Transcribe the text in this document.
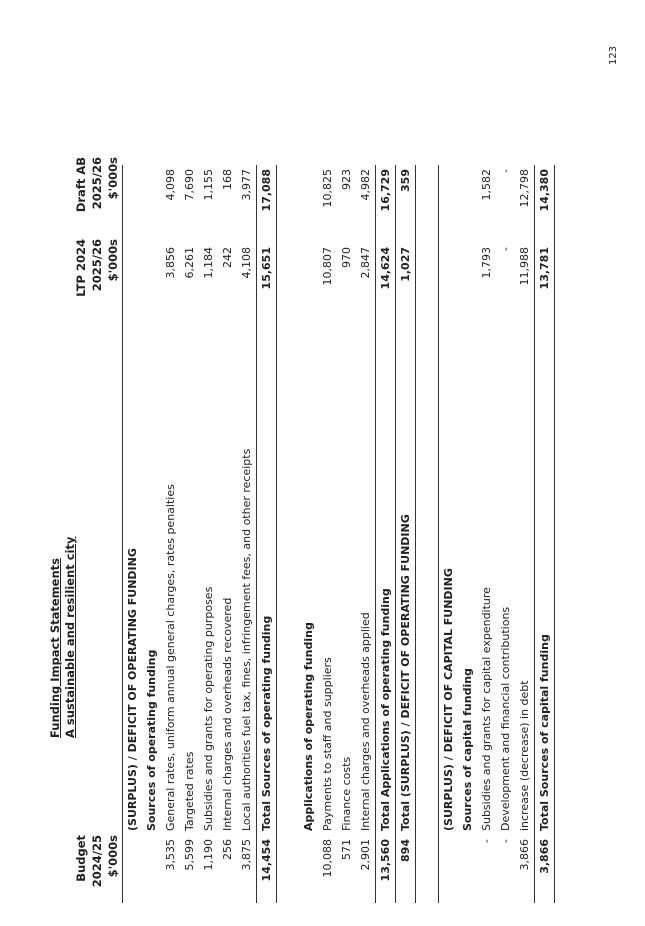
123
Funding Impact Statements A sustainable and resilient city
Budget 2024/25 $'000s
LTP 2024 2025/26 $'000s
Draft AB 2025/26 $'000s
	(SURPLUS) / DEFICIT OF OPERATING FUNDING		
	Sources of operating funding		
3,535	General rates, uniform annual general charges, rates penalties	3,856	4,098
5,599	Targeted rates	6,261	7,690
1,190	Subsidies and grants for operating purposes	1,184	1,155
256	Internal charges and overheads recovered	242	168
3,875	Local authorities fuel tax, fines, infringement fees, and other receipts	4,108	3,977
14,454	Total Sources of operating funding	15,651	17,088

	Applications of operating funding		
10,088	Payments to staff and suppliers	10,807	10,825
571	Finance costs	970	923
2,901	Internal charges and overheads applied	2,847	4,982
13,560	Total Applications of operating funding	14,624	16,729
894	Total (SURPLUS) / DEFICIT OF OPERATING FUNDING	1,027	359

	(SURPLUS) / DEFICIT OF CAPITAL FUNDING		
	Sources of capital funding		
-	Subsidies and grants for capital expenditure	1,793	1,582
-	Development and financial contributions	-	-
3,866	increase (decrease) in debt	11,988	12,798
3,866	Total Sources of capital funding	13,781	14,380
